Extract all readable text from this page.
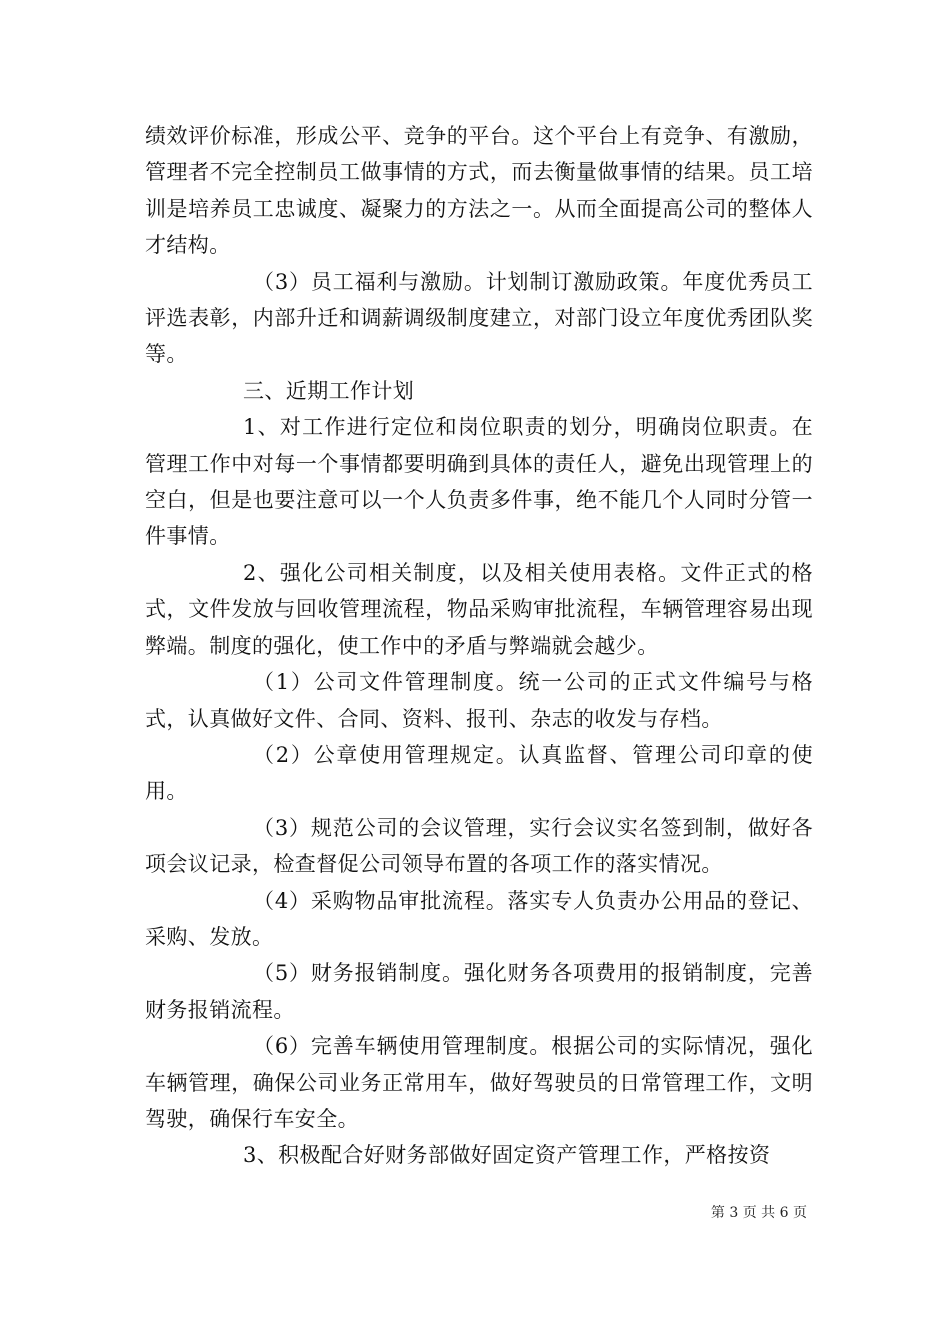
绩效评价标准，形成公平、竞争的平台。这个平台上有竞争、有激励，管理者不完全控制员工做事情的方式，而去衡量做事情的结果。员工培训是培养员工忠诚度、凝聚力的方法之一。从而全面提高公司的整体人才结构。

（3）员工福利与激励。计划制订激励政策。年度优秀员工评选表彰，内部升迁和调薪调级制度建立，对部门设立年度优秀团队奖等。

三、近期工作计划

1、对工作进行定位和岗位职责的划分，明确岗位职责。在管理工作中对每一个事情都要明确到具体的责任人，避免出现管理上的空白，但是也要注意可以一个人负责多件事，绝不能几个人同时分管一件事情。

2、强化公司相关制度，以及相关使用表格。文件正式的格式，文件发放与回收管理流程，物品采购审批流程，车辆管理容易出现弊端。制度的强化，使工作中的矛盾与弊端就会越少。

（1）公司文件管理制度。统一公司的正式文件编号与格式，认真做好文件、合同、资料、报刊、杂志的收发与存档。

（2）公章使用管理规定。认真监督、管理公司印章的使用。

（3）规范公司的会议管理，实行会议实名签到制，做好各项会议记录，检查督促公司领导布置的各项工作的落实情况。

（4）采购物品审批流程。落实专人负责办公用品的登记、采购、发放。

（5）财务报销制度。强化财务各项费用的报销制度，完善财务报销流程。

（6）完善车辆使用管理制度。根据公司的实际情况，强化车辆管理，确保公司业务正常用车，做好驾驶员的日常管理工作，文明驾驶，确保行车安全。

3、积极配合好财务部做好固定资产管理工作，严格按资

第 3 页 共 6 页
